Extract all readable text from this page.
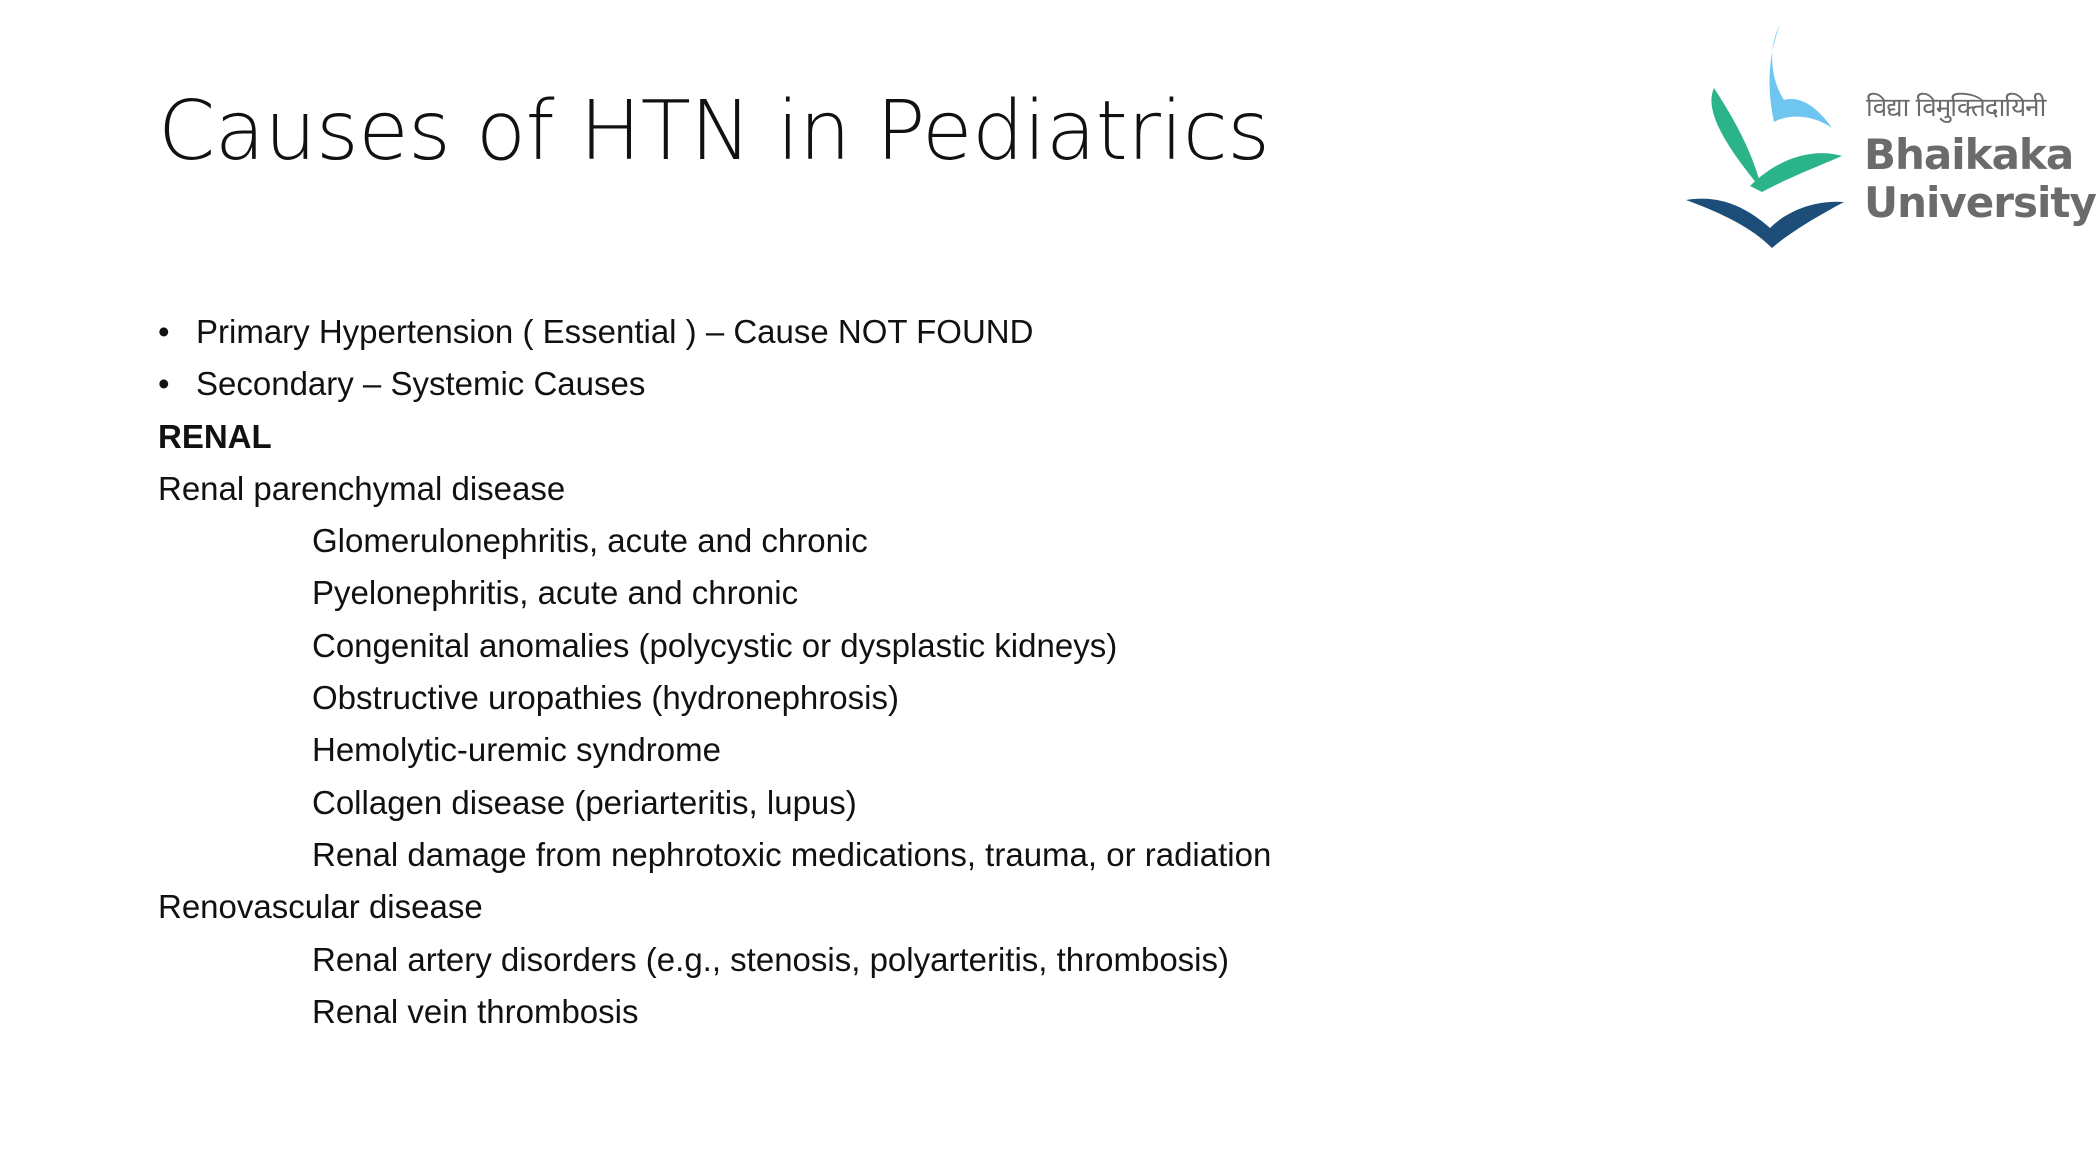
Causes of HTN in Pediatrics	विद्या विमुक्तिदायिनी
Bhaikaka
University
• Primary Hypertension ( Essential ) – Cause NOT FOUND
• Secondary – Systemic Causes
RENAL
Renal parenchymal disease
Glomerulonephritis, acute and chronic
Pyelonephritis, acute and chronic
Congenital anomalies (polycystic or dysplastic kidneys)
Obstructive uropathies (hydronephrosis)
Hemolytic-uremic syndrome
Collagen disease (periarteritis, lupus)
Renal damage from nephrotoxic medications, trauma, or radiation
Renovascular disease
Renal artery disorders (e.g., stenosis, polyarteritis, thrombosis)
Renal vein thrombosis
